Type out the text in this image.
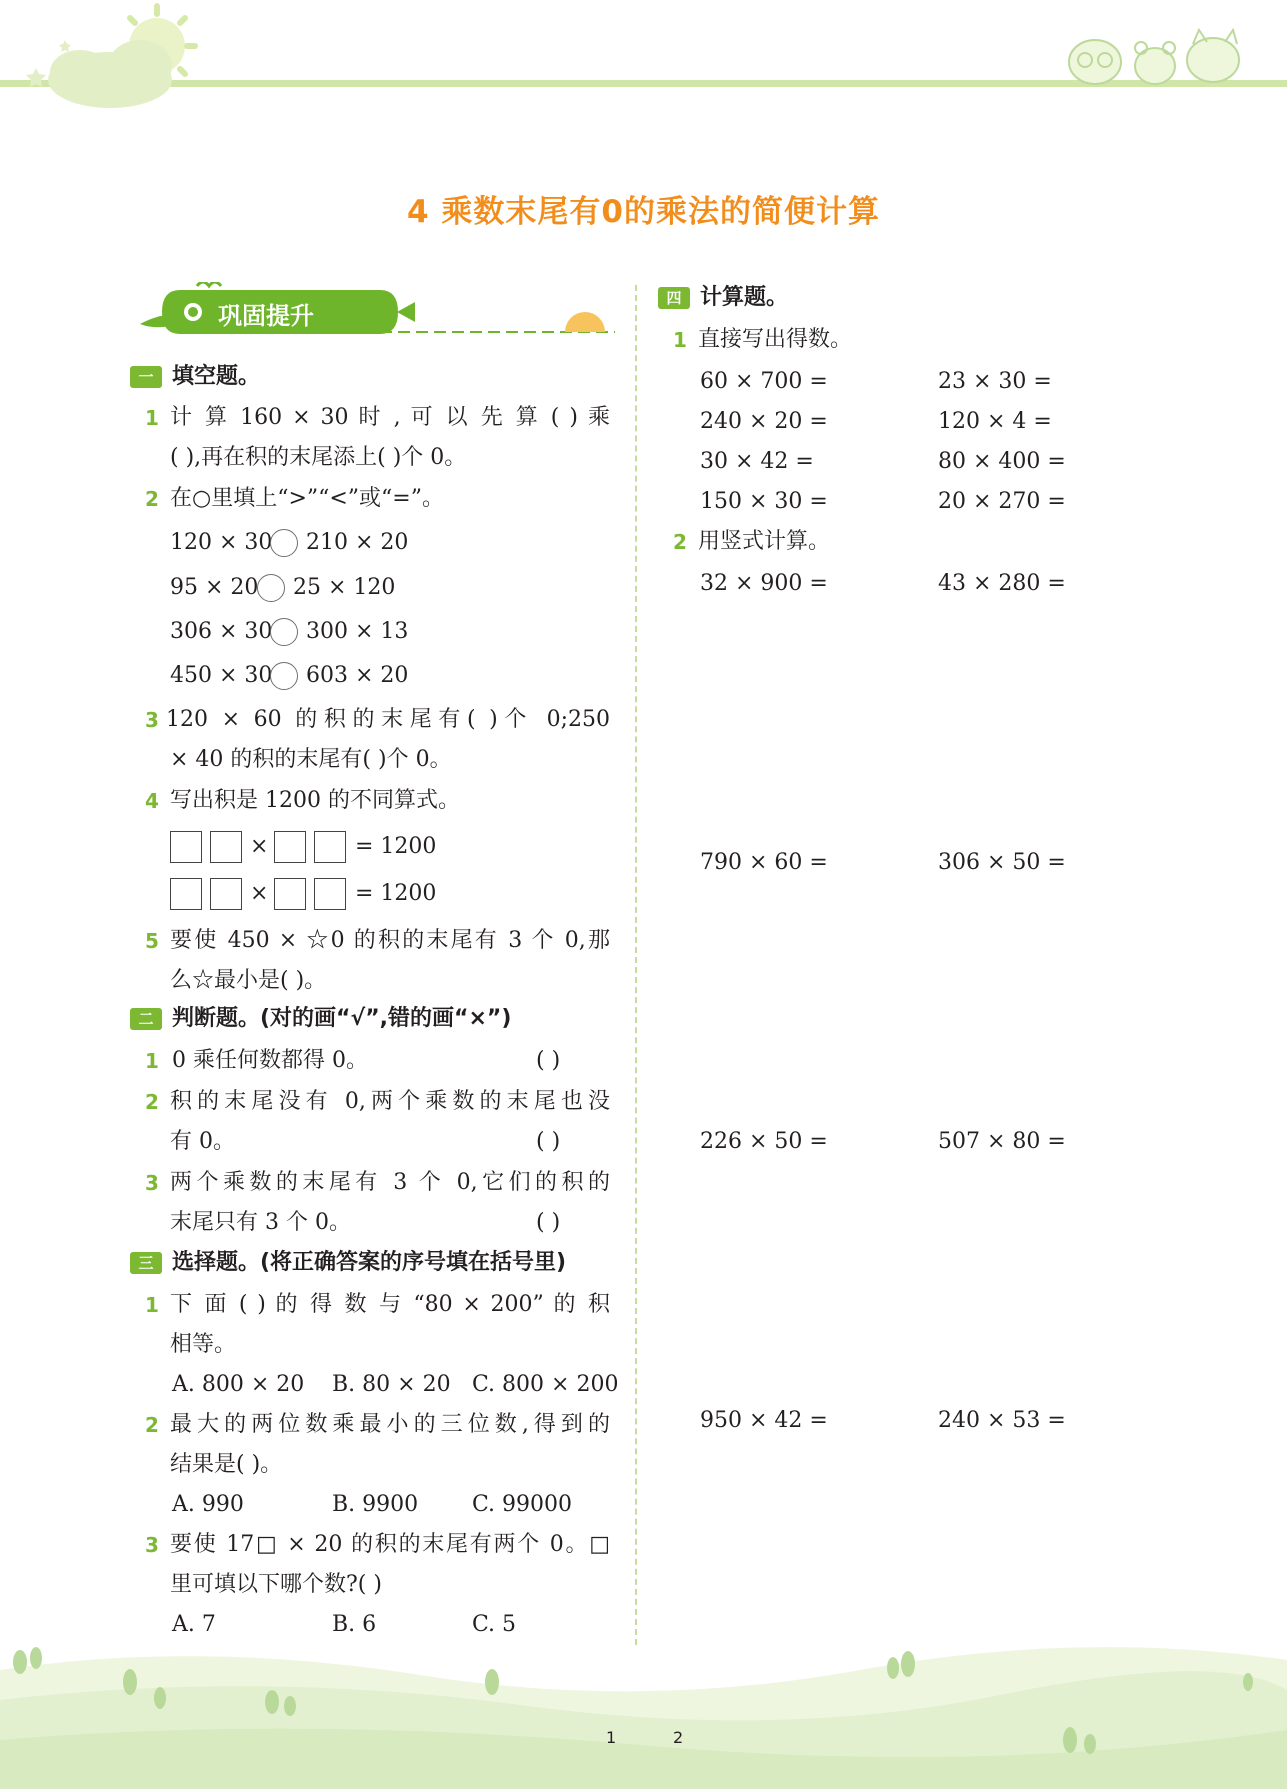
4 乘数末尾有0的乘法的简便计算
巩固提升
一 填空题。
1 计 算 160 × 30 时 , 可 以 先 算 ( ) 乘
( ),再在积的末尾添上( )个 0。
2 在○里填上“>”“<”或“=”。
120 × 30 210 × 20
95 × 20 25 × 120
306 × 30 300 × 13
450 × 30 603 × 20
3 120 × 60 的积的末尾有( )个 0;250
× 40 的积的末尾有( )个 0。
4 写出积是 1200 的不同算式。
×	= 1200
×	= 1200
5 要使 450 × ☆0 的积的末尾有 3 个 0,那
么☆最小是( )。
二 判断题。(对的画“√”,错的画“×”)
1 0 乘任何数都得 0。	( )
2 积的末尾没有 0,两个乘数的末尾也没
有 0。	( )
3 两个乘数的末尾有 3 个 0,它们的积的
末尾只有 3 个 0。	( )
三 选择题。(将正确答案的序号填在括号里)
1 下 面 ( ) 的 得 数 与 “80 × 200” 的 积
相等。
A. 800 × 20 B. 80 × 20 C. 800 × 200
2 最大的两位数乘最小的三位数,得到的
结果是( )。
A. 990	B. 9900 C. 99000
3 要使 17□ × 20 的积的末尾有两个 0。□
里可填以下哪个数?( )
A. 7	B. 6	C. 5
四 计算题。
1 直接写出得数。
60 × 700 =	23 × 30 =
240 × 20 =	120 × 4 =
30 × 42 =	80 × 400 =
150 × 30 =	20 × 270 =
2 用竖式计算。
32 × 900 =	43 × 280 =
790 × 60 =	306 × 50 =
226 × 50 =	507 × 80 =
950 × 42 =	240 × 53 =
1	2
